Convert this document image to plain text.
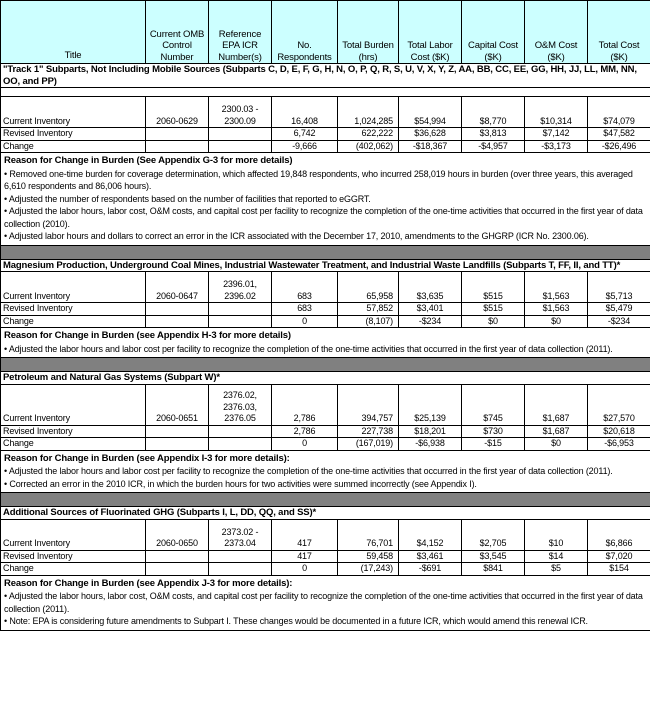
Title	Current OMB Control Number	Reference EPA ICR Number(s)	No. Respondents	Total Burden (hrs)	Total Labor Cost ($K)	Capital Cost ($K)	O&M Cost ($K)	Total Cost ($K)
"Track 1" Subparts, Not Including Mobile Sources (Subparts C, D, E, F, G, H, N, O, P, Q, R, S, U, V, X, Y, Z, AA, BB, CC, EE, GG, HH, JJ, LL, MM, NN, OO, and PP)								

Current Inventory	2060-0629	2300.03 - 2300.09	16,408	1,024,285	$54,994	$8,770	$10,314	$74,079
Revised Inventory			6,742	622,222	$36,628	$3,813	$7,142	$47,582
Change			-9,666	(402,062)	-$18,367	-$4,957	-$3,173	-$26,496

Reason for Change in Burden (See Appendix G-3 for more details)
• Removed one-time burden for coverage determination, which affected 19,848 respondents, who incurred 258,019 hours in burden (over three years, this averaged 6,610 respondents and 86,006 hours).
• Adjusted the number of respondents based on the number of facilities that reported to eGGRT.
• Adjusted the labor hours, labor cost, O&M costs, and capital cost per facility to recognize the completion of the one-time activities that occurred in the first year of data collection (2010).
• Adjusted labor hours and dollars to correct an error in the ICR associated with the December 17, 2010, amendments to the GHGRP (ICR No. 2300.06).								

Magnesium Production, Underground Coal Mines, Industrial Wastewater Treatment, and Industrial Waste Landfills (Subparts T, FF, II, and TT)*								
Current Inventory	2060-0647	2396.01, 2396.02	683	65,958	$3,635	$515	$1,563	$5,713
Revised Inventory			683	57,852	$3,401	$515	$1,563	$5,479
Change			0	(8,107)	-$234	$0	$0	-$234

Reason for Change in Burden (see Appendix H-3 for more details)
• Adjusted the labor hours and labor cost per facility to recognize the completion of the one-time activities that occurred in the first year of data collection (2011).								

Petroleum and Natural Gas Systems (Subpart W)*								
Current Inventory	2060-0651	2376.02, 2376.03, 2376.05	2,786	394,757	$25,139	$745	$1,687	$27,570
Revised Inventory			2,786	227,738	$18,201	$730	$1,687	$20,618
Change			0	(167,019)	-$6,938	-$15	$0	-$6,953

Reason for Change in Burden (see Appendix I-3 for more details):
• Adjusted the labor hours and labor cost per facility to recognize the completion of the one-time activities that occurred in the first year of data collection (2011).
• Corrected an error in the 2010 ICR, in which the burden hours for two activities were summed incorrectly (see Appendix I).								

Additional Sources of Fluorinated GHG (Subparts I, L, DD, QQ, and SS)*								
Current Inventory	2060-0650	2373.02 - 2373.04	417	76,701	$4,152	$2,705	$10	$6,866
Revised Inventory			417	59,458	$3,461	$3,545	$14	$7,020
Change			0	(17,243)	-$691	$841	$5	$154

Reason for Change in Burden (see Appendix J-3 for more details):
• Adjusted the labor hours, labor cost, O&M costs, and capital cost per facility to recognize the completion of the one-time activities that occurred in the first year of data collection (2011).
• Note: EPA is considering future amendments to Subpart I. These changes would be documented in a future ICR, which would amend this renewal ICR.								
